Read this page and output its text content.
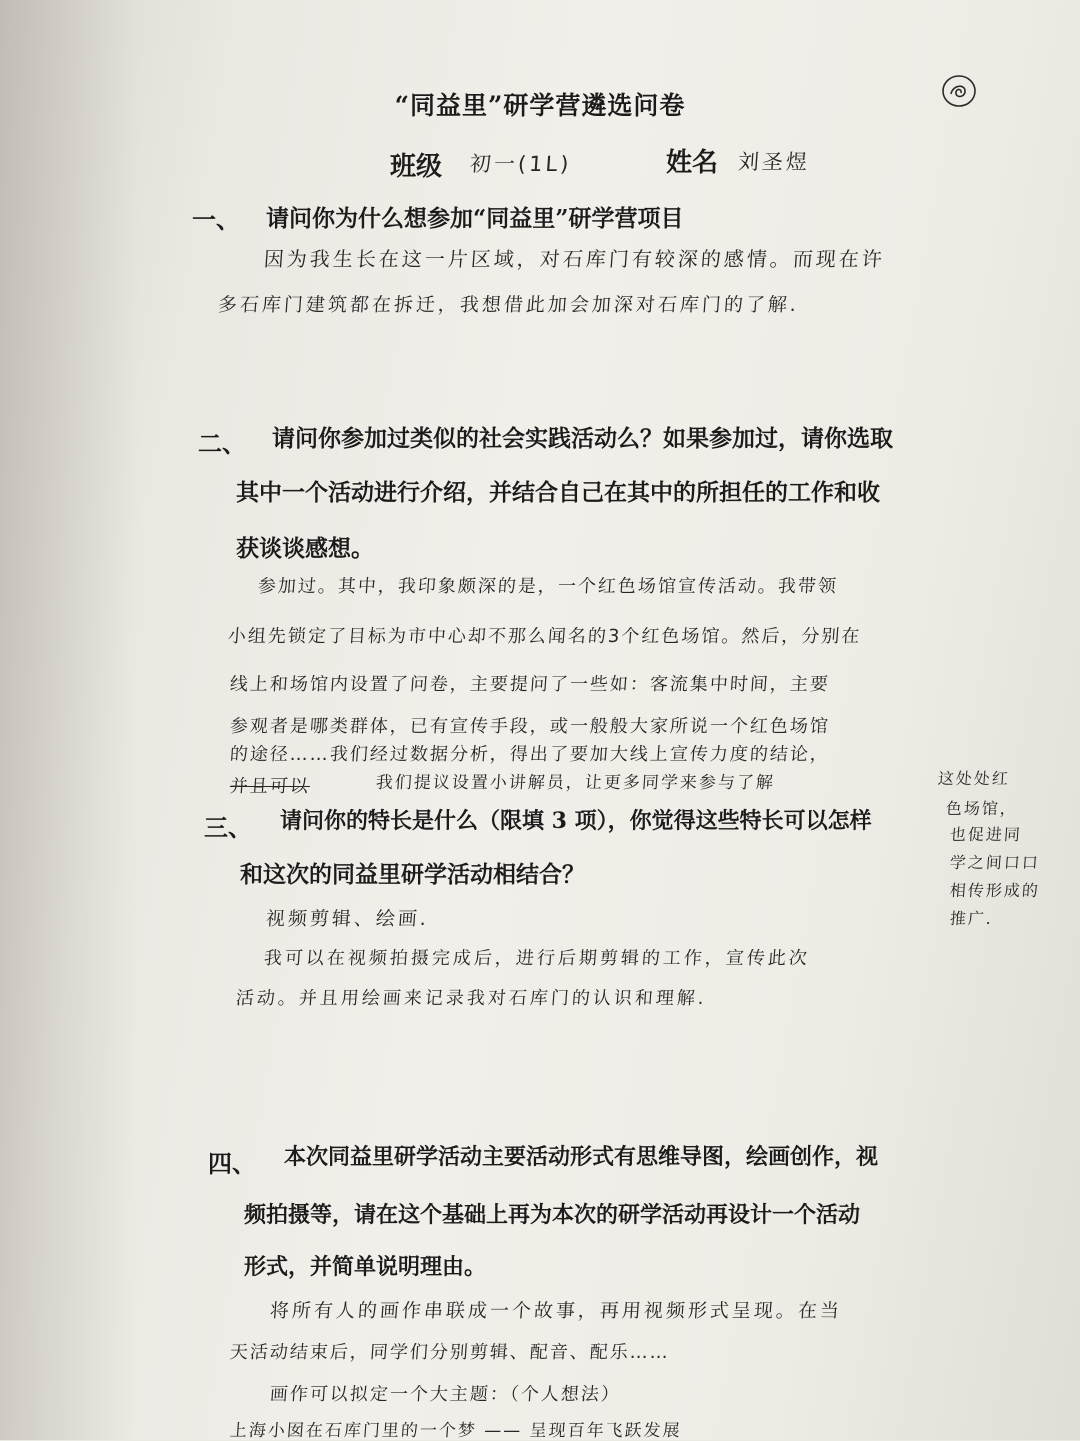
“同益里”研学营遴选问卷
班级 初一(1L)	姓名 刘圣煜
一、 请问你为什么想参加“同益里”研学营项目
因为我生长在这一片区域，对石库门有较深的感情。而现在许
多石库门建筑都在拆迁，我想借此加会加深对石库门的了解.
二、 请问你参加过类似的社会实践活动么？如果参加过，请你选取
其中一个活动进行介绍，并结合自己在其中的所担任的工作和收
获谈谈感想。
参加过。其中，我印象颇深的是，一个红色场馆宣传活动。我带领
小组先锁定了目标为市中心却不那么闻名的3个红色场馆。然后，分别在
线上和场馆内设置了问卷，主要提问了一些如：客流集中时间，主要
参观者是哪类群体，已有宣传手段，或一般般大家所说一个红色场馆
的途径……我们经过数据分析，得出了要加大线上宣传力度的结论，
并且可以	我们提议设置小讲解员，让更多同学来参与了解	这处处红
色场馆，
也促进同
学之间口口
相传形成的
推广.
三、 请问你的特长是什么（限填 3 项），你觉得这些特长可以怎样
和这次的同益里研学活动相结合？
视频剪辑、绘画.
我可以在视频拍摄完成后，进行后期剪辑的工作，宣传此次
活动。并且用绘画来记录我对石库门的认识和理解.
四、 本次同益里研学活动主要活动形式有思维导图，绘画创作，视
频拍摄等，请在这个基础上再为本次的研学活动再设计一个活动
形式，并简单说明理由。
将所有人的画作串联成一个故事，再用视频形式呈现。在当
天活动结束后，同学们分别剪辑、配音、配乐……
画作可以拟定一个大主题：（个人想法）
上海小囡在石库门里的一个梦 —— 呈现百年飞跃发展
